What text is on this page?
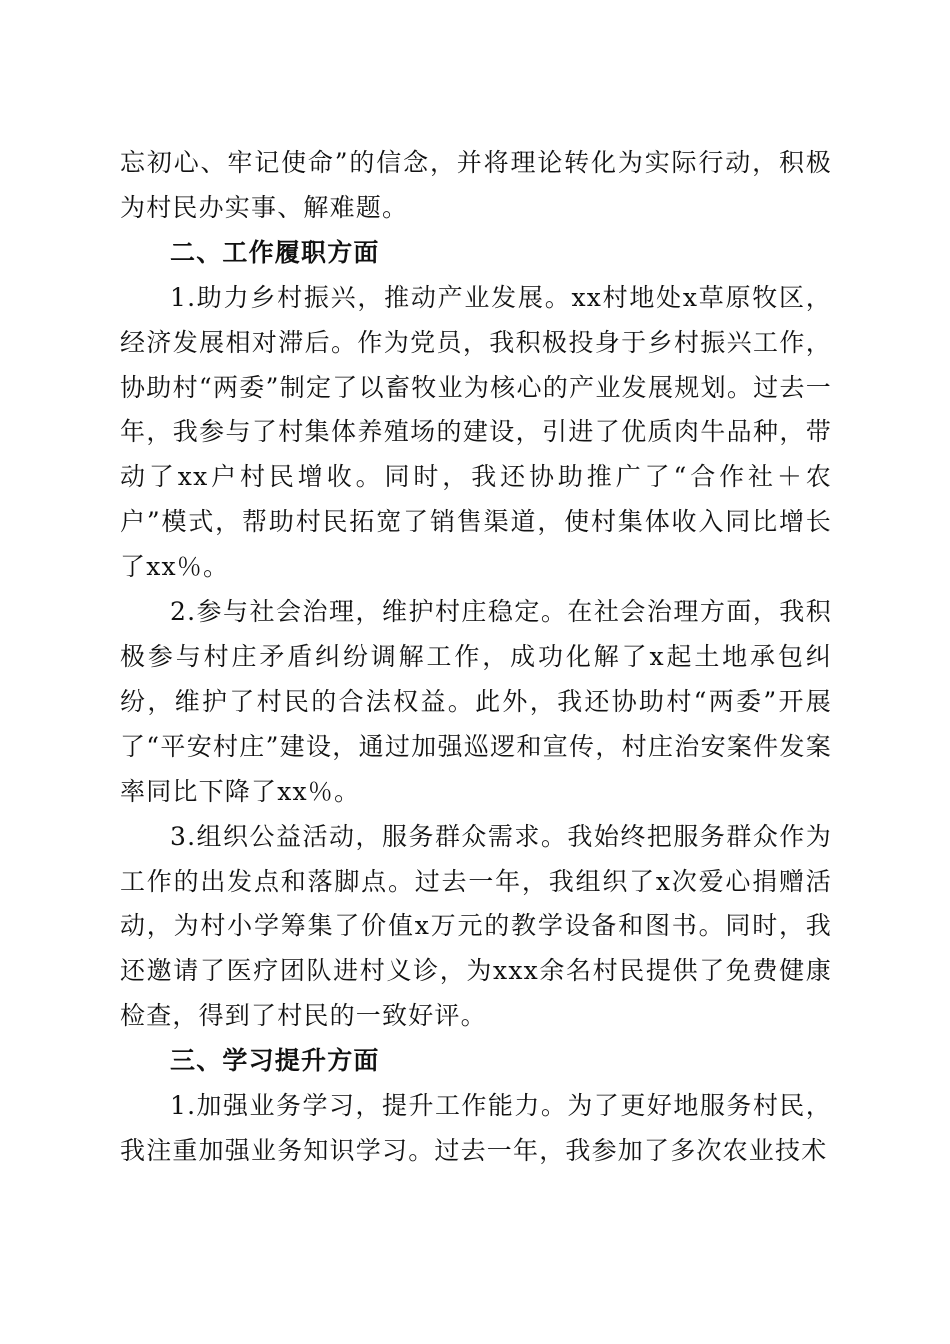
忘初心、牢记使命”的信念，并将理论转化为实际行动，积极为村民办实事、解难题。

二、工作履职方面

1.助力乡村振兴，推动产业发展。xx村地处x草原牧区，经济发展相对滞后。作为党员，我积极投身于乡村振兴工作，协助村“两委”制定了以畜牧业为核心的产业发展规划。过去一年，我参与了村集体养殖场的建设，引进了优质肉牛品种，带动了xx户村民增收。同时，我还协助推广了“合作社＋农户”模式，帮助村民拓宽了销售渠道，使村集体收入同比增长了xx％。

2.参与社会治理，维护村庄稳定。在社会治理方面，我积极参与村庄矛盾纠纷调解工作，成功化解了x起土地承包纠纷，维护了村民的合法权益。此外，我还协助村“两委”开展了“平安村庄”建设，通过加强巡逻和宣传，村庄治安案件发案率同比下降了xx％。

3.组织公益活动，服务群众需求。我始终把服务群众作为工作的出发点和落脚点。过去一年，我组织了x次爱心捐赠活动，为村小学筹集了价值x万元的教学设备和图书。同时，我还邀请了医疗团队进村义诊，为xxx余名村民提供了免费健康检查，得到了村民的一致好评。

三、学习提升方面

1.加强业务学习，提升工作能力。为了更好地服务村民，我注重加强业务知识学习。过去一年，我参加了多次农业技术
